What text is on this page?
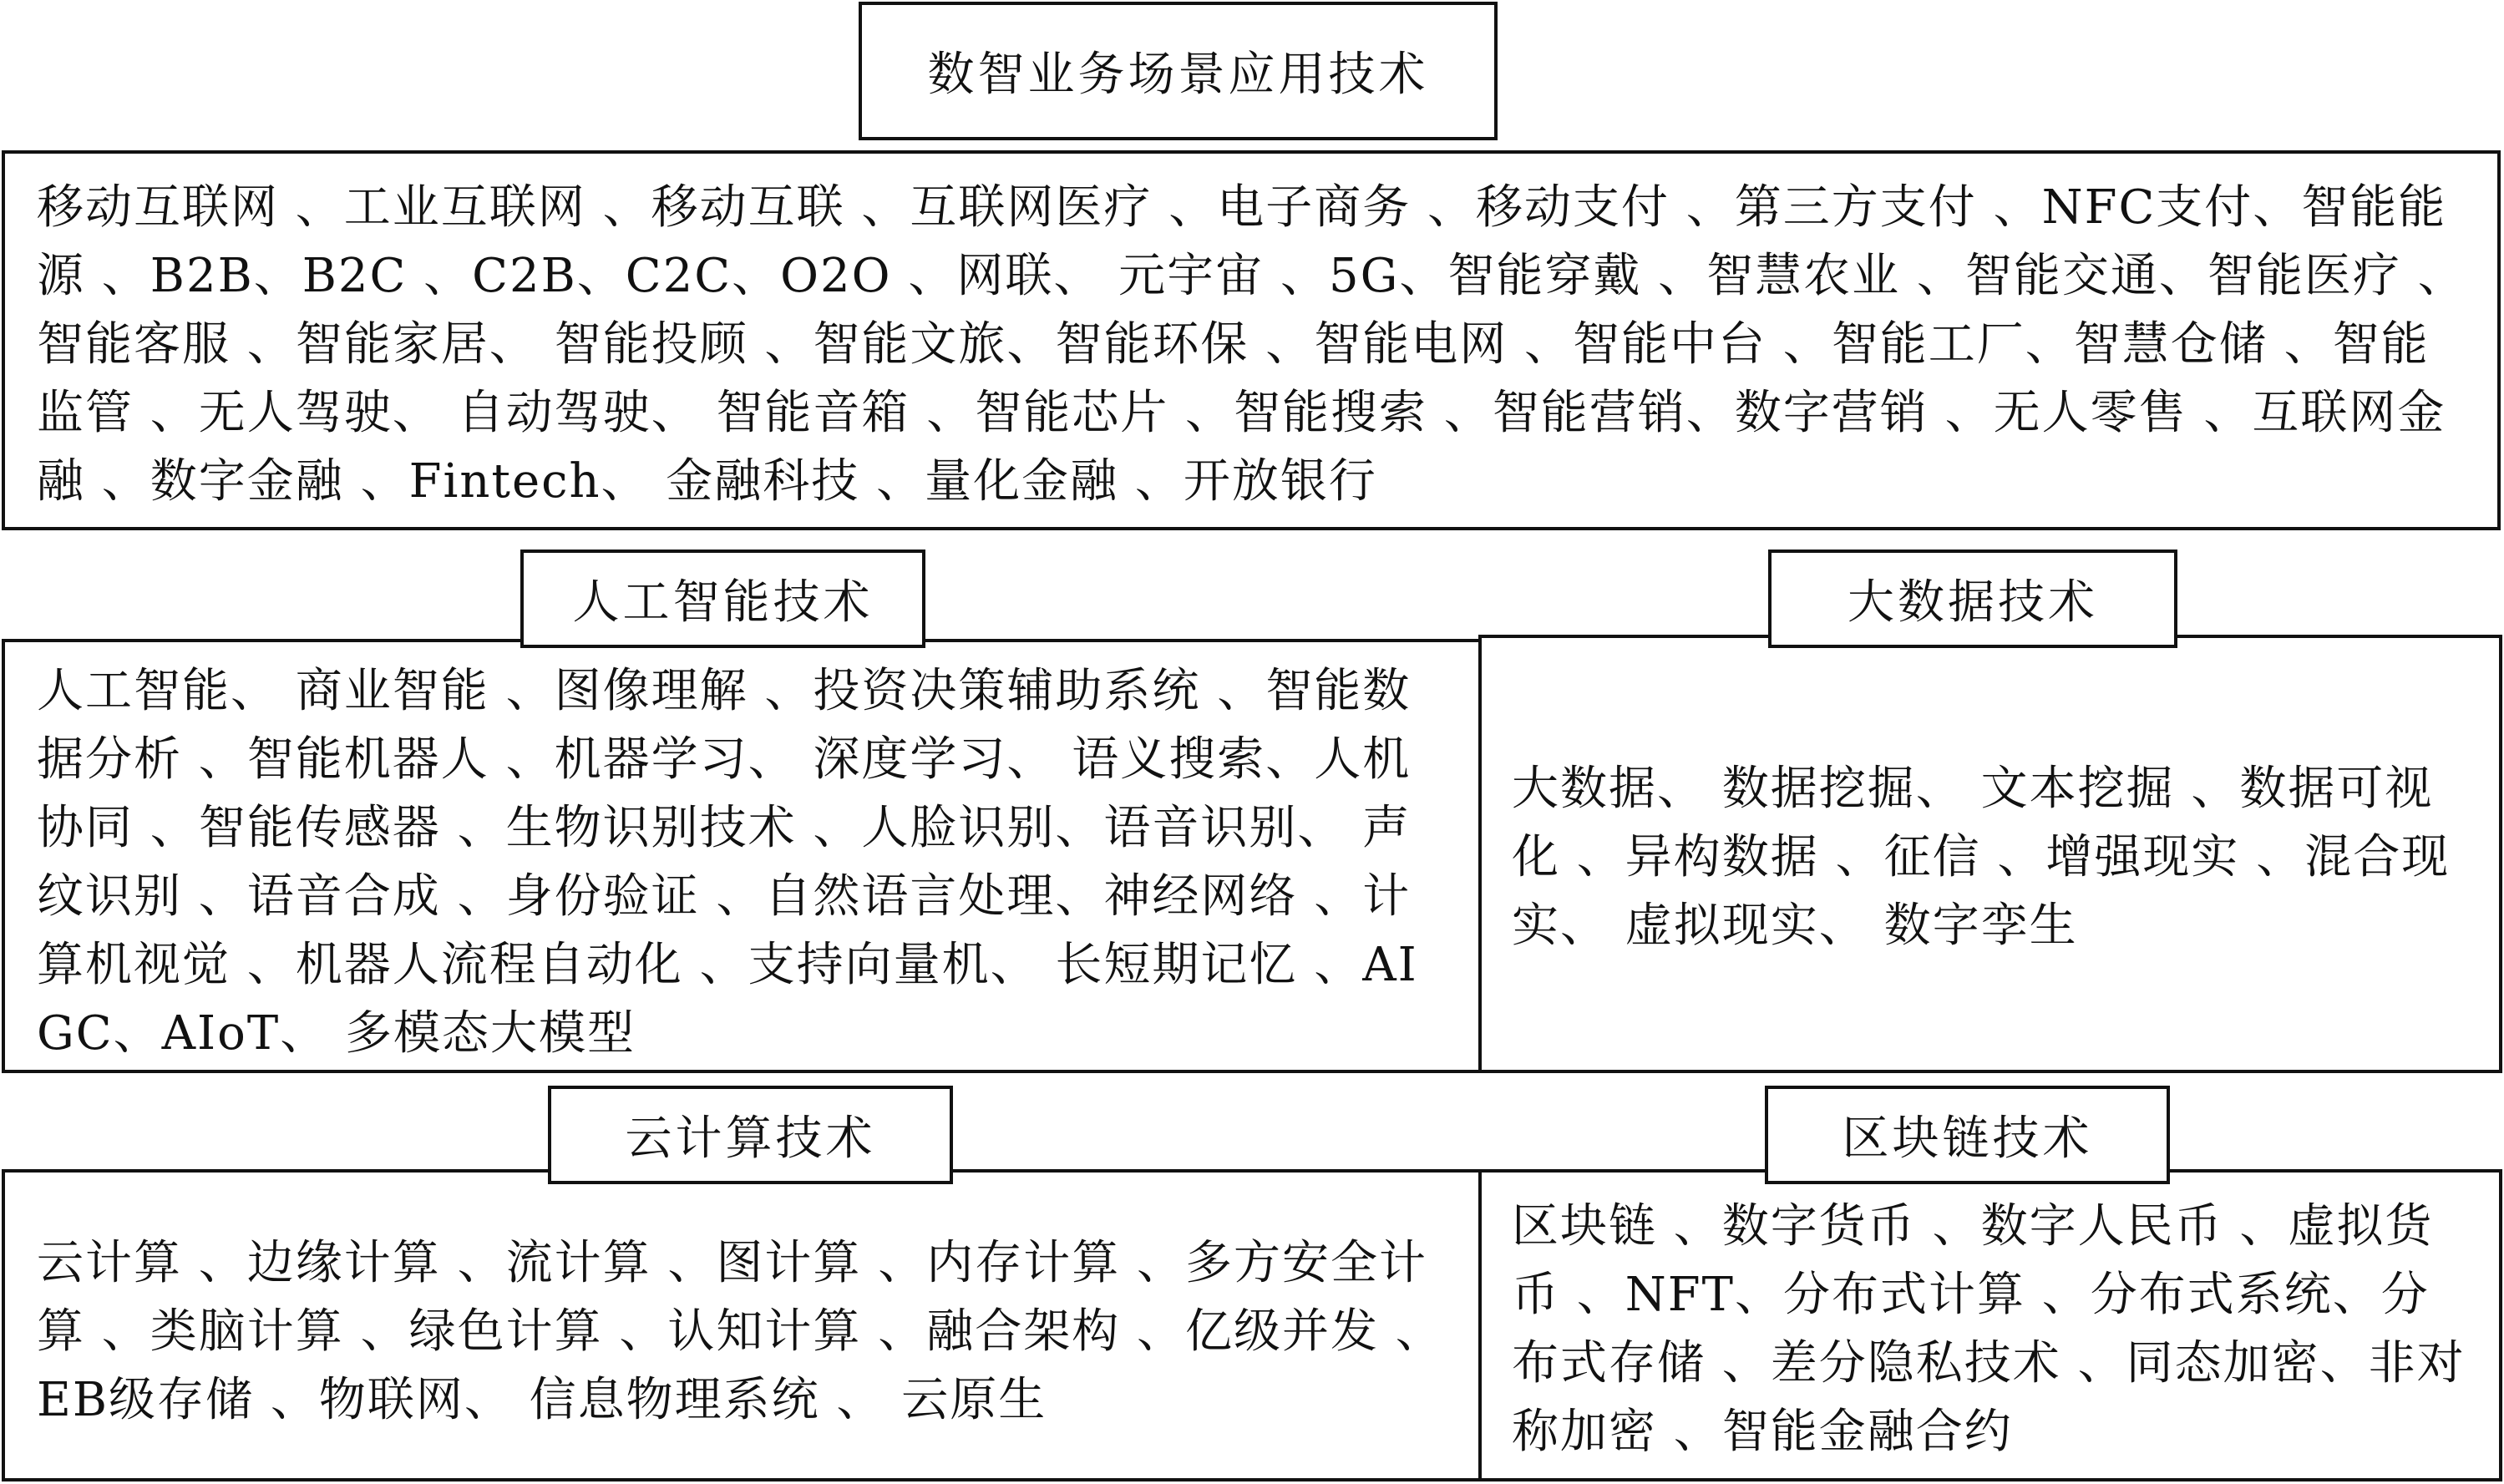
移动互联网 、工业互联网 、移动互联 、互联网医疗 、电子商务 、移动支付 、第三方支付 、NFC支付、智能能源 、B2B、B2C 、C2B、C2C、O2O 、网联、 元宇宙 、5G、智能穿戴 、智慧农业 、智能交通、智能医疗 、智能客服 、智能家居、 智能投顾 、智能文旅、智能环保 、智能电网 、智能中台 、智能工厂、智慧仓储 、智能监管 、无人驾驶、 自动驾驶、 智能音箱 、智能芯片 、智能搜索 、智能营销、数字营销 、无人零售 、互联网金融 、数字金融 、Fintech、 金融科技 、量化金融 、开放银行
数智业务场景应用技术
人工智能、 商业智能 、图像理解 、投资决策辅助系统 、智能数据分析 、智能机器人 、机器学习、 深度学习、 语义搜索、人机协同 、智能传感器 、生物识别技术 、人脸识别、语音识别、 声纹识别 、语音合成 、身份验证 、自然语言处理、神经网络 、计算机视觉 、机器人流程自动化 、支持向量机、 长短期记忆 、AIGC、AIoT、 多模态大模型
人工智能技术
大数据、 数据挖掘、 文本挖掘 、数据可视化 、异构数据 、征信 、增强现实 、混合现实、 虚拟现实、 数字孪生
大数据技术
云计算 、边缘计算 、流计算 、图计算 、内存计算 、多方安全计算 、类脑计算 、绿色计算 、认知计算 、融合架构 、亿级并发 、EB级存储 、物联网、 信息物理系统 、 云原生
云计算技术
区块链 、数字货币 、数字人民币 、虚拟货币 、NFT、分布式计算 、分布式系统、分布式存储 、差分隐私技术 、同态加密、非对称加密 、智能金融合约
区块链技术
